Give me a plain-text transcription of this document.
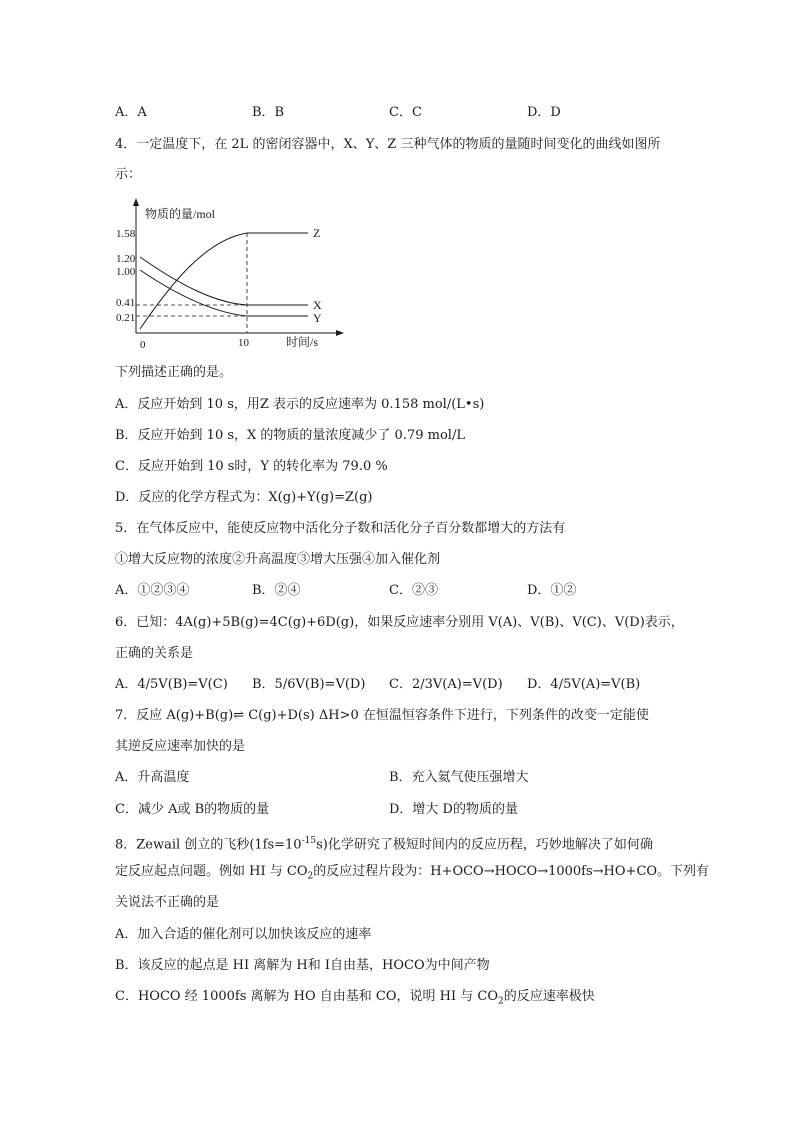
A．A	B．B	C．C	D．D
4．一定温度下，在 2L 的密闭容器中，X、Y、Z 三种气体的物质的量随时间变化的曲线如图所
示：
物质的量/mol
时间/s
0	10
1.58
1.20
1.00
0.41
0.21
Z
X
Y
下列描述正确的是。
A．反应开始到 10 s，用Z 表示的反应速率为 0.158 mol/(L•s)
B．反应开始到 10 s，X 的物质的量浓度减少了 0.79 mol/L
C．反应开始到 10 s时，Y 的转化率为 79.0 %
D．反应的化学方程式为：X(g)+Y(g)=Z(g)
5．在气体反应中，能使反应物中活化分子数和活化分子百分数都增大的方法有
①增大反应物的浓度②升高温度③增大压强④加入催化剂
A．①②③④	B．②④	C．②③	D．①②
6．已知：4A(g)+5B(g)=4C(g)+6D(g)，如果反应速率分别用 V(A)、V(B)、V(C)、V(D)表示，
正确的关系是
A．4/5V(B)=V(C) B．5/6V(B)=V(D) C．2/3V(A)=V(D) D．4/5V(A)=V(B)
7．反应 A(g)+B(g)⇌ C(g)+D(s) ΔH>0 在恒温恒容条件下进行，下列条件的改变一定能使
其逆反应速率加快的是
A．升高温度	B．充入氦气使压强增大
C．减少 A或 B的物质的量	D．增大 D的物质的量
8．Zewail 创立的飞秒$(1fs=10^{-15}s)$化学研究了极短时间内的反应历程，巧妙地解决了如何确
定反应起点问题。例如 HI 与 $CO_2$的反应过程片段为：H+OCO→HOCO→1000fs→HO+CO。下列有
关说法不正确的是
A．加入合适的催化剂可以加快该反应的速率
B．该反应的起点是 HI 离解为 H和 I自由基，HOCO为中间产物
C．HOCO 经 1000fs 离解为 HO 自由基和 CO，说明 HI 与 $CO_2$的反应速率极快
